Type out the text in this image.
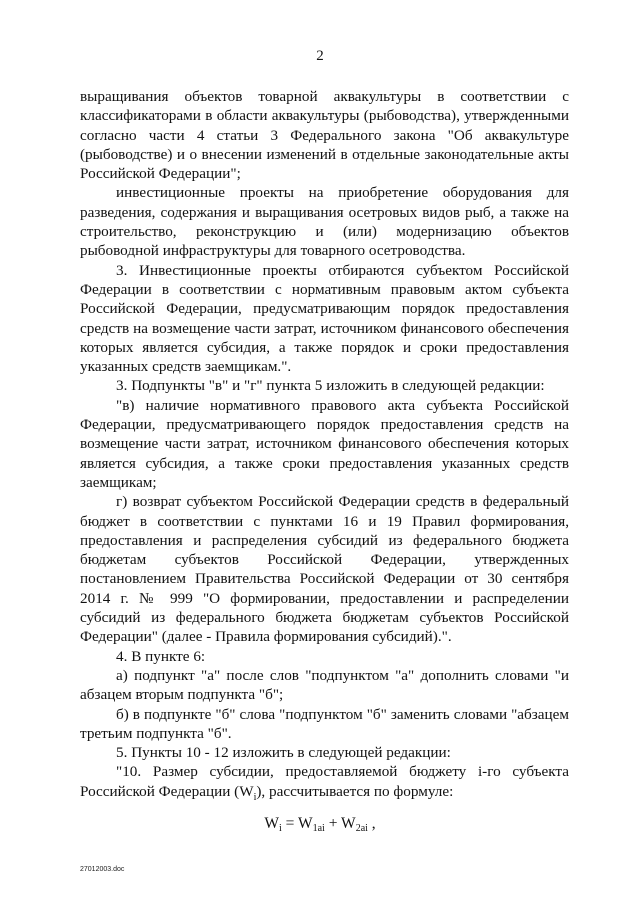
2

выращивания объектов товарной аквакультуры в соответствии с классификаторами в области аквакультуры (рыбоводства), утвержденными согласно части 4 статьи 3 Федерального закона "Об аквакультуре (рыбоводстве) и о внесении изменений в отдельные законодательные акты Российской Федерации";

инвестиционные проекты на приобретение оборудования для разведения, содержания и выращивания осетровых видов рыб, а также на строительство, реконструкцию и (или) модернизацию объектов рыбоводной инфраструктуры для товарного осетроводства.

3. Инвестиционные проекты отбираются субъектом Российской Федерации в соответствии с нормативным правовым актом субъекта Российской Федерации, предусматривающим порядок предоставления средств на возмещение части затрат, источником финансового обеспечения которых является субсидия, а также порядок и сроки предоставления указанных средств заемщикам.".

3. Подпункты "в" и "г" пункта 5 изложить в следующей редакции:

"в) наличие нормативного правового акта субъекта Российской Федерации, предусматривающего порядок предоставления средств на возмещение части затрат, источником финансового обеспечения которых является субсидия, а также сроки предоставления указанных средств заемщикам;

г) возврат субъектом Российской Федерации средств в федеральный бюджет в соответствии с пунктами 16 и 19 Правил формирования, предоставления и распределения субсидий из федерального бюджета бюджетам субъектов Российской Федерации, утвержденных постановлением Правительства Российской Федерации от 30 сентября 2014 г. № 999 "О формировании, предоставлении и распределении субсидий из федерального бюджета бюджетам субъектов Российской Федерации" (далее - Правила формирования субсидий).".

4. В пункте 6:

а) подпункт "а" после слов "подпунктом "а" дополнить словами "и абзацем вторым подпункта "б";

б) в подпункте "б" слова "подпунктом "б" заменить словами "абзацем третьим подпункта "б".

5. Пункты 10 - 12 изложить в следующей редакции:

"10. Размер субсидии, предоставляемой бюджету i-го субъекта Российской Федерации $(W_i)$, рассчитывается по формуле:

$W_i = W_{1ai} + W_{2ai}$ ,
27012003.doc
